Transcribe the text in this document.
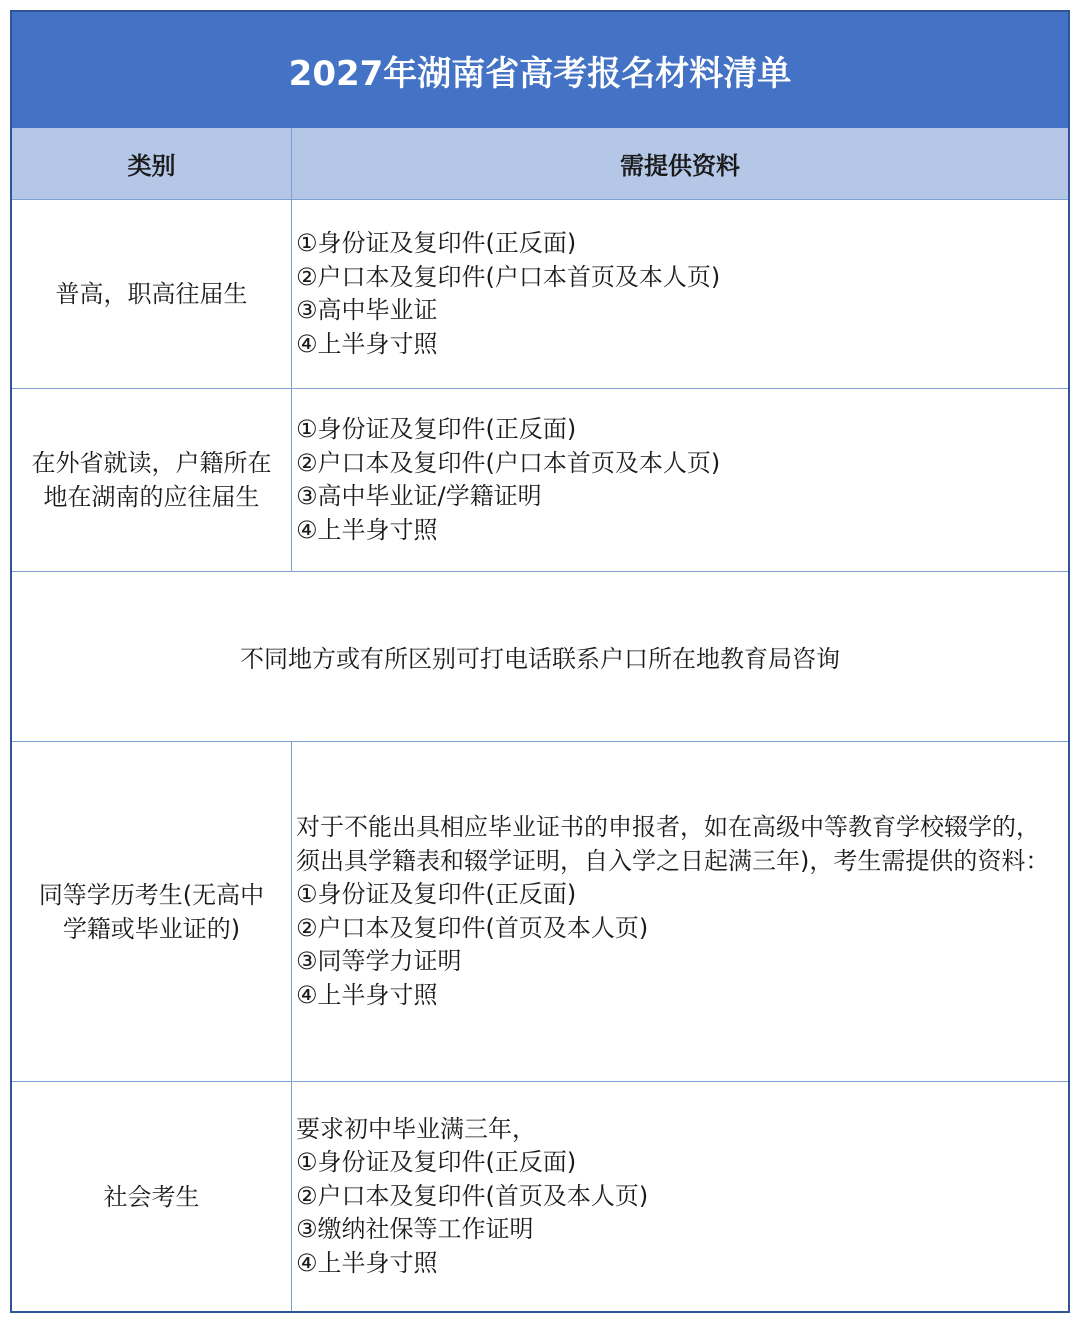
2027年湖南省高考报名材料清单
类别	需提供资料
普高，职高往届生
①身份证及复印件(正反面)
②户口本及复印件(户口本首页及本人页)
③高中毕业证
④上半身寸照
在外省就读，户籍所在
地在湖南的应往届生
①身份证及复印件(正反面)
②户口本及复印件(户口本首页及本人页)
③高中毕业证/学籍证明
④上半身寸照
不同地方或有所区别可打电话联系户口所在地教育局咨询
同等学历考生(无高中
学籍或毕业证的)
对于不能出具相应毕业证书的申报者，如在高级中等教育学校辍学的，须出具学籍表和辍学证明，自入学之日起满三年)，考生需提供的资料：
①身份证及复印件(正反面)
②户口本及复印件(首页及本人页)
③同等学力证明
④上半身寸照
社会考生
要求初中毕业满三年，
①身份证及复印件(正反面)
②户口本及复印件(首页及本人页)
③缴纳社保等工作证明
④上半身寸照
